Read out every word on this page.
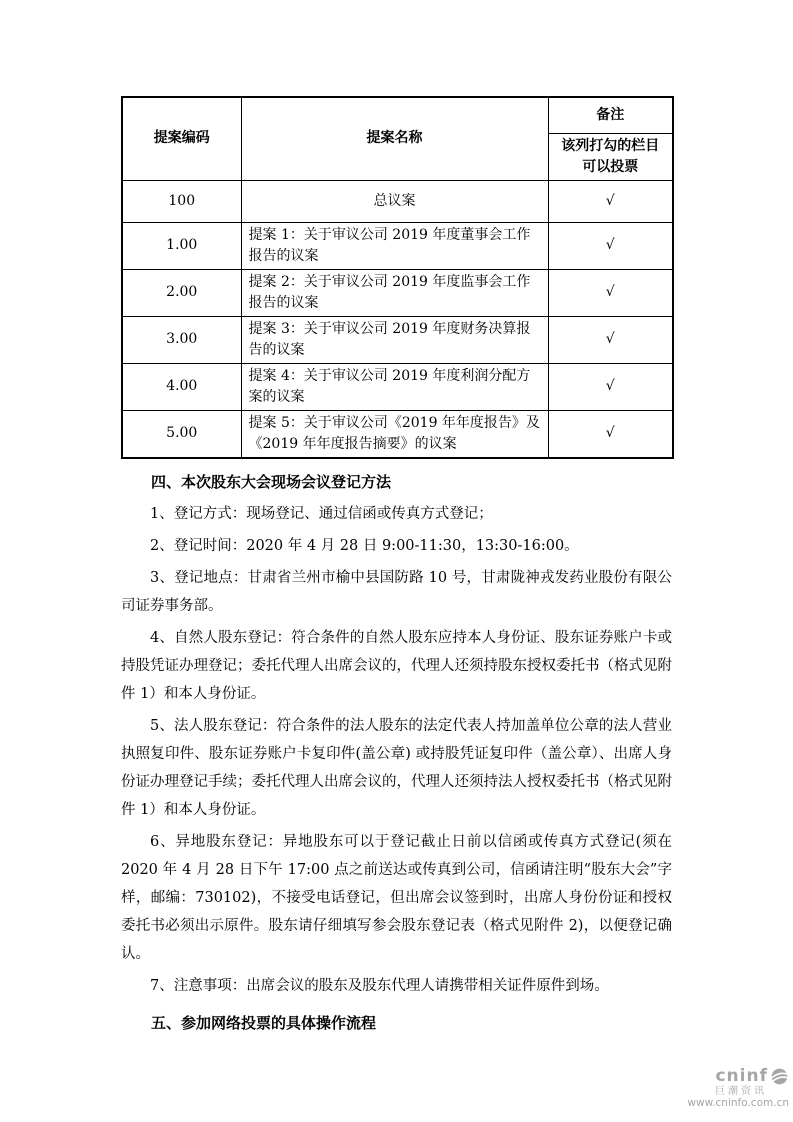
提案编码	提案名称	备注
		该列打勾的栏目可以投票
100	总议案	√
1.00	提案 1：关于审议公司 2019 年度董事会工作报告的议案	√
2.00	提案 2：关于审议公司 2019 年度监事会工作报告的议案	√
3.00	提案 3：关于审议公司 2019 年度财务决算报告的议案	√
4.00	提案 4：关于审议公司 2019 年度利润分配方案的议案	√
5.00	提案 5：关于审议公司《2019 年年度报告》及《2019 年年度报告摘要》的议案	√
四、本次股东大会现场会议登记方法

1、登记方式：现场登记、通过信函或传真方式登记；

2、登记时间：2020 年 4 月 28 日 9:00-11:30，13:30-16:00。

3、登记地点：甘肃省兰州市榆中县国防路 10 号，甘肃陇神戎发药业股份有限公司证券事务部。

4、自然人股东登记：符合条件的自然人股东应持本人身份证、股东证券账户卡或持股凭证办理登记；委托代理人出席会议的，代理人还须持股东授权委托书（格式见附件 1）和本人身份证。

5、法人股东登记：符合条件的法人股东的法定代表人持加盖单位公章的法人营业执照复印件、股东证券账户卡复印件(盖公章) 或持股凭证复印件（盖公章）、出席人身份证办理登记手续；委托代理人出席会议的，代理人还须持法人授权委托书（格式见附件 1）和本人身份证。

6、异地股东登记：异地股东可以于登记截止日前以信函或传真方式登记(须在 2020 年 4 月 28 日下午 17:00 点之前送达或传真到公司，信函请注明“股东大会”字样，邮编：730102)，不接受电话登记，但出席会议签到时，出席人身份份证和授权委托书必须出示原件。股东请仔细填写参会股东登记表（格式见附件 2)，以便登记确认。

7、注意事项：出席会议的股东及股东代理人请携带相关证件原件到场。

五、参加网络投票的具体操作流程
cninf
巨潮资讯
www.cninfo.com.cn
